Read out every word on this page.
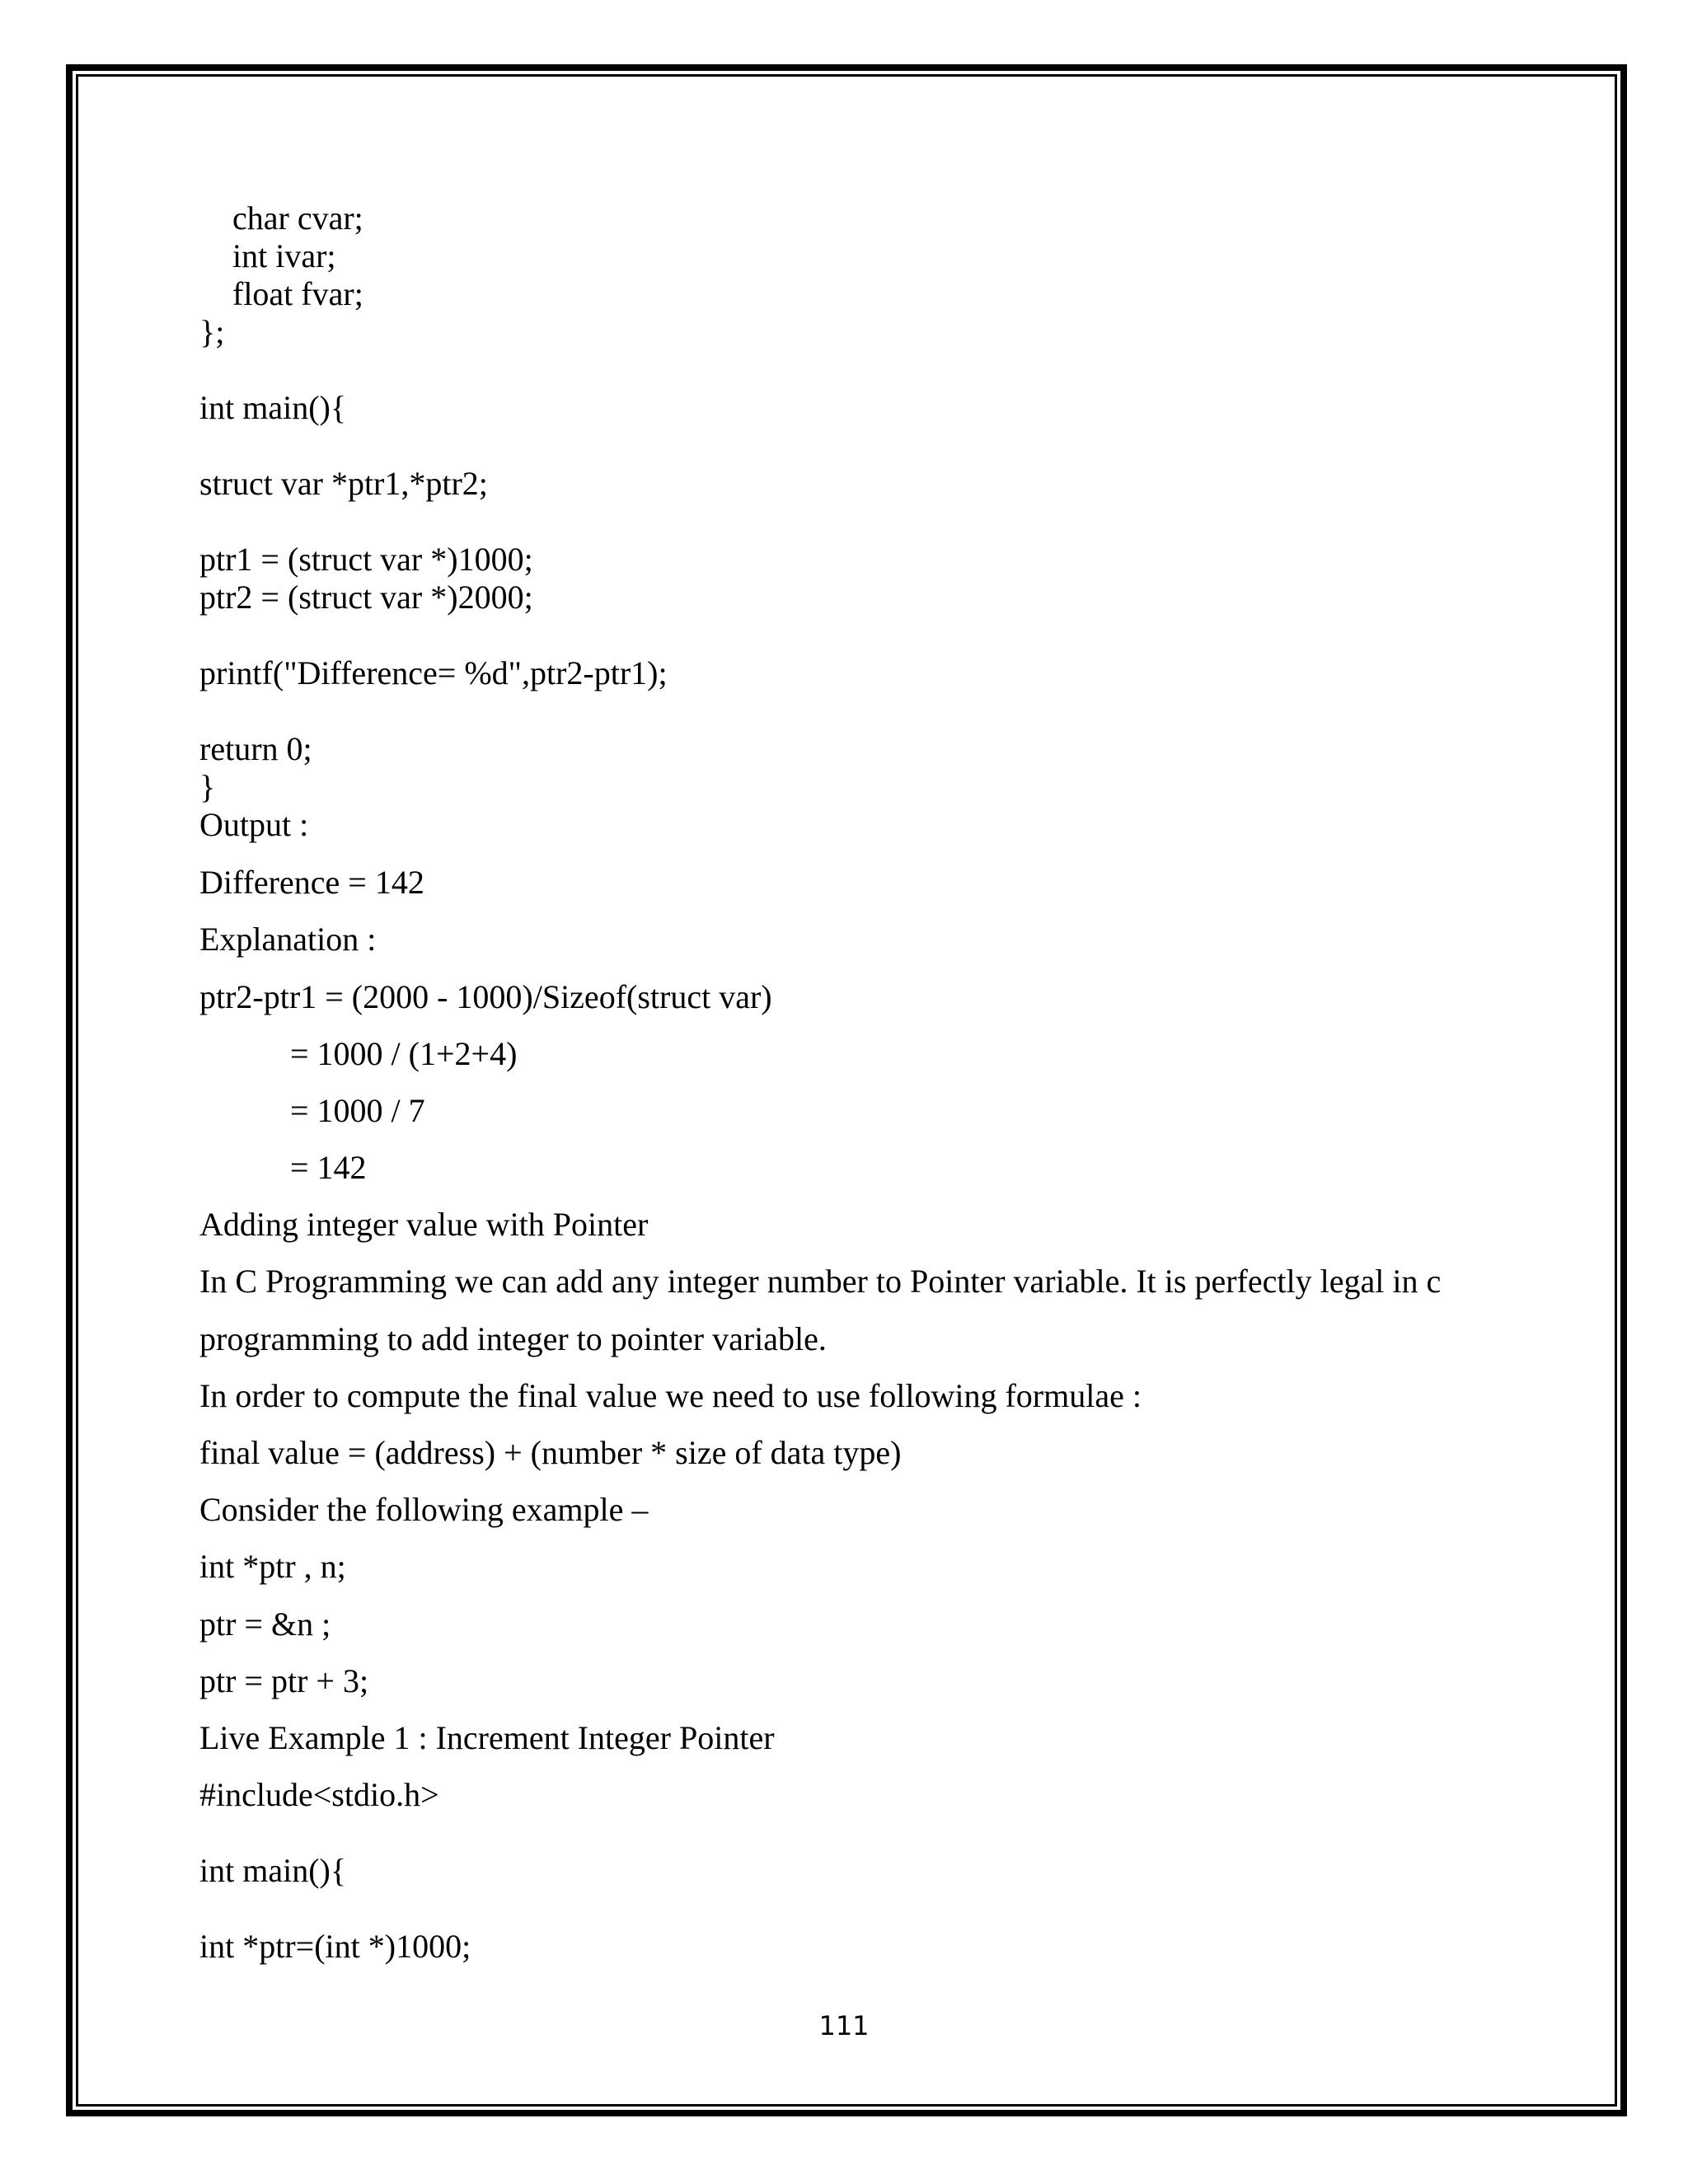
char cvar;

int ivar;

float fvar;

};

int main(){

struct var *ptr1,*ptr2;

ptr1 = (struct var *)1000;

ptr2 = (struct var *)2000;

printf("Difference= %d",ptr2-ptr1);

return 0;

}

Output :

Difference = 142

Explanation :

ptr2-ptr1 = (2000 - 1000)/Sizeof(struct var)

= 1000 / (1+2+4)

= 1000 / 7

= 142

Adding integer value with Pointer

In C Programming we can add any integer number to Pointer variable. It is perfectly legal in c

programming to add integer to pointer variable.

In order to compute the final value we need to use following formulae :

final value = (address) + (number * size of data type)

Consider the following example –

int *ptr , n;

ptr = &n ;

ptr = ptr + 3;

Live Example 1 : Increment Integer Pointer

#include<stdio.h>

int main(){

int *ptr=(int *)1000;

111
